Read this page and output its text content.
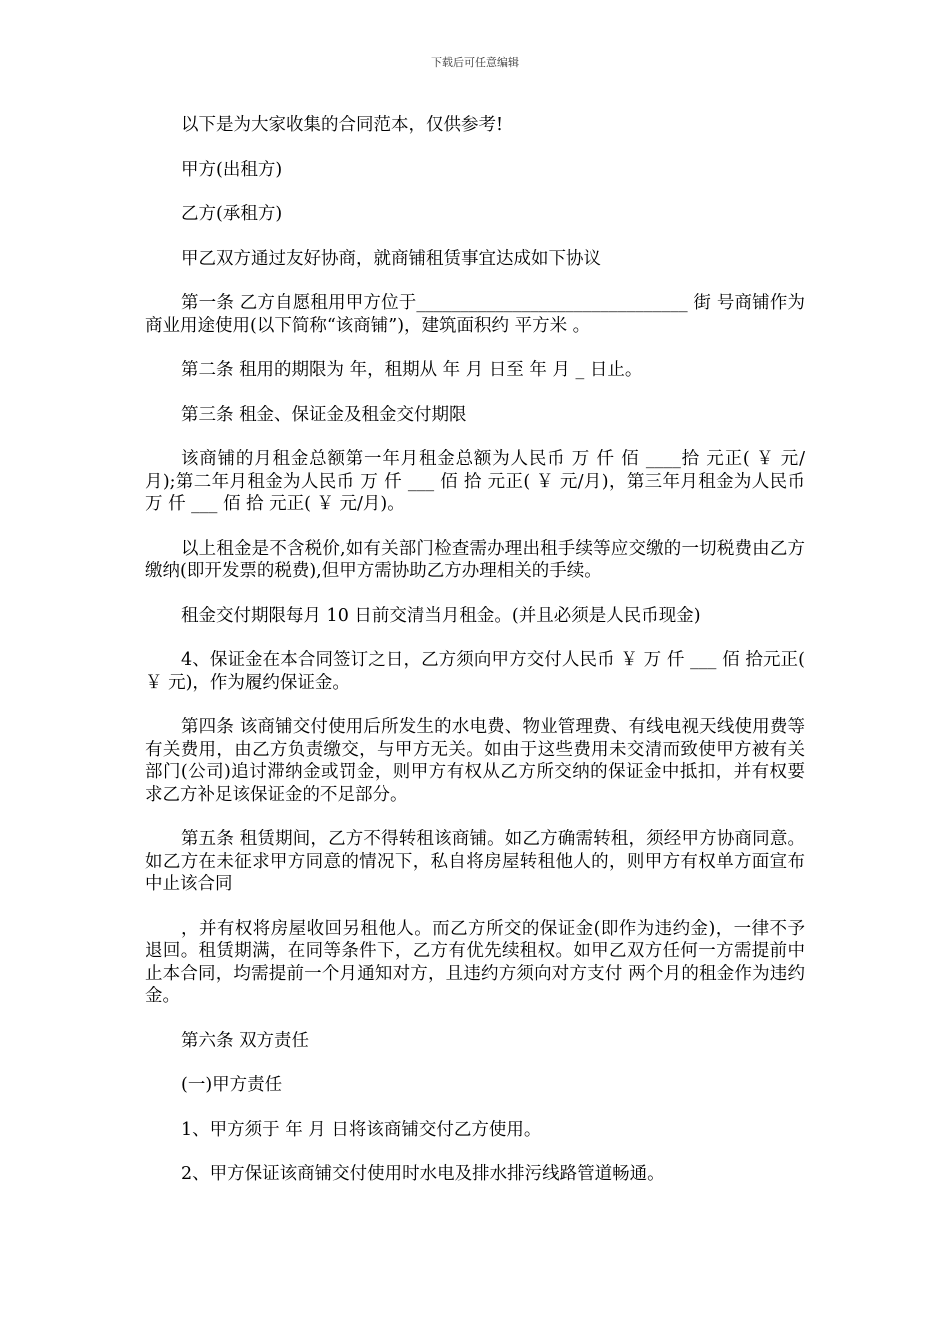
下载后可任意编辑

以下是为大家收集的合同范本，仅供参考!

甲方(出租方)

乙方(承租方)

甲乙双方通过友好协商，就商铺租赁事宜达成如下协议

第一条 乙方自愿租用甲方位于_______________________________ 街 号商铺作为商业用途使用(以下简称“该商铺”)，建筑面积约 平方米 。

第二条 租用的期限为 年，租期从 年 月 日至 年 月 _ 日止。

第三条 租金、保证金及租金交付期限

该商铺的月租金总额第一年月租金总额为人民币 万 仟 佰 ____拾 元正( ￥ 元/月);第二年月租金为人民币 万 仟 ___ 佰 拾 元正( ￥ 元/月)，第三年月租金为人民币 万 仟 ___ 佰 拾 元正( ￥ 元/月)。

以上租金是不含税价,如有关部门检查需办理出租手续等应交缴的一切税费由乙方缴纳(即开发票的税费),但甲方需协助乙方办理相关的手续。

租金交付期限每月 10 日前交清当月租金。(并且必须是人民币现金)

4、保证金在本合同签订之日，乙方须向甲方交付人民币 ￥ 万 仟 ___ 佰 拾元正( ￥ 元)，作为履约保证金。

第四条 该商铺交付使用后所发生的水电费、物业管理费、有线电视天线使用费等有关费用，由乙方负责缴交，与甲方无关。如由于这些费用未交清而致使甲方被有关部门(公司)追讨滞纳金或罚金，则甲方有权从乙方所交纳的保证金中抵扣，并有权要求乙方补足该保证金的不足部分。

第五条 租赁期间，乙方不得转租该商铺。如乙方确需转租，须经甲方协商同意。如乙方在未征求甲方同意的情况下，私自将房屋转租他人的，则甲方有权单方面宣布中止该合同

，并有权将房屋收回另租他人。而乙方所交的保证金(即作为违约金)，一律不予退回。租赁期满，在同等条件下，乙方有优先续租权。如甲乙双方任何一方需提前中止本合同，均需提前一个月通知对方，且违约方须向对方支付 两个月的租金作为违约金。

第六条 双方责任

(一)甲方责任

1、甲方须于 年 月 日将该商铺交付乙方使用。

2、甲方保证该商铺交付使用时水电及排水排污线路管道畅通。
